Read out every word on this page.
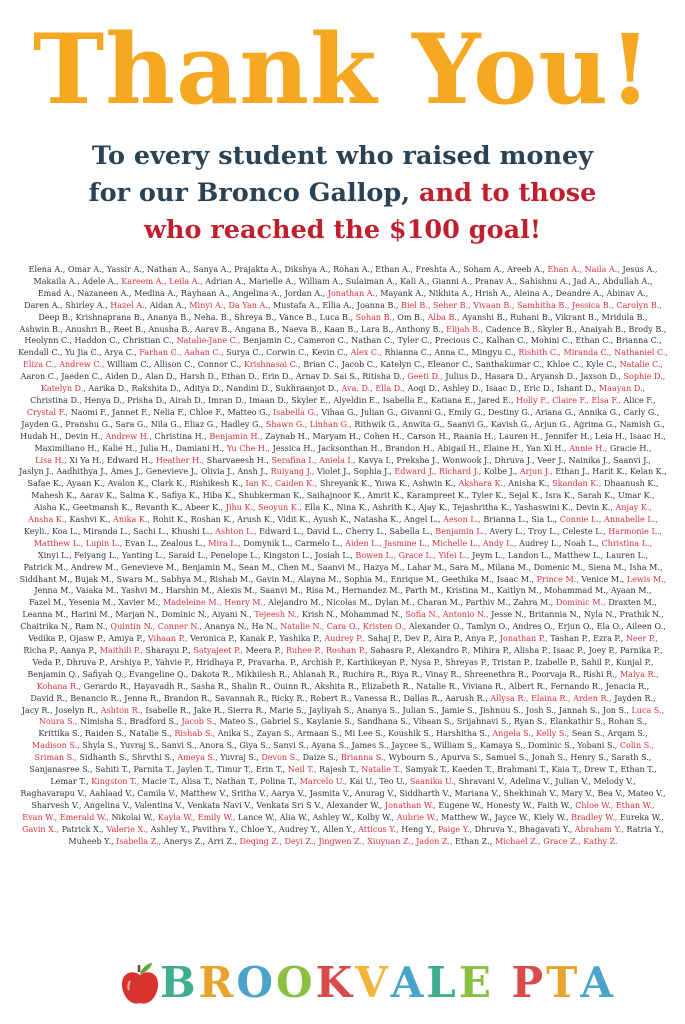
Thank You!
To every student who raised money
for our Bronco Gallop, and to those
who reached the $100 goal!
Elena A., Omar A., Yassir A., Nathan A., Sanya A., Prajakta A., Dikshya A., Rohan A., Ethan A., Freshta A., Soham A., Areeb A., Ehan A., Naila A., Jesus A., Makaila A., Adele A., Kareem A., Leila A., Adrian A., Marielle A., William A., Sulaiman A., Kali A., Gianni A., Pranav A., Sahishnu A., Jad A., Abdullah A., Emad A., Nazaneen A., Medina A., Rayhaan A., Angelina A., Jordan A., Jonathan A., Mayank A., Nikhita A., Hrish A., Aleina A., Deandre A., Abinav A., Daren A., Shirley A., Hazel A., Aidan A., Minyi A., Da Yan A., Mustafa A., Ellia A., Joanna B., Biel B., Seher B., Vivaan B., Samhitha B., Jessica B., Carolyn B., Deep B., Krishnaprana B., Ananya B., Neha. B., Shreya B., Vance B., Luca B., Sohan B., Om B., Alba B., Ayanshi B., Ruhani B., Vikrant B., Mridula B., Ashwin B., Anushri B., Reet B., Anusha B., Aarav B., Angana B., Naeva B., Kaan B., Lara B., Anthony B., Elijah B., Cadence B., Skyler B., Anaiyah B., Brody B., Heolynn C., Haddon C., Christian C., Natalie-Jane C., Benjamin C., Cameron C., Nathan C., Tyler C., Precious C., Kalhan C., Mohini C., Ethan C., Brianna C., Kendall C., Yu Jia C., Arya C., Farhan C., Aahan C., Surya C., Corwin C., Kevin C., Alex C., Rhianna C., Anna C., Mingyu C., Rishith C., Miranda C., Nathaniel C., Eliza C., Andrew C., William C., Allison C., Connor C., Krishnasai C., Brian C., Jacob C., Katelyn C., Eleanor C., Santhakumar C., Khloe C., Kyle C., Natalie C., Aaron C., Jaeden C., Aiden D., Alan D., Harsh D., Ethan D., Erin D., Arnav D. Sai S., Ritisha D., Geeti D., Julius D., Hasara D., Aryansh D., Jaxson D., Sophie D., Katelyn D., Aarika D., Rakshita D., Aditya D., Nandini D., Sukhraanjot D., Ava. D., Ella D., Aoqi D., Ashley D., Isaac D., Eric D., Ishant D., Maayan D., Christina D., Henya D., Prisha D., Airah D., Imran D., Imaan D., Skyler E., Alyeldin E., Isabella E., Katiana E., Jared E., Holly F., Claire F., Elsa F., Alice F., Crystal F., Naomi F., Jannet F., Nelia F., Chloe F., Matteo G., Isabella G., Vihaa G., Julian G., Givanni G., Emily G., Destiny G., Ariana G., Annika G., Carly G., Jayden G., Pranshu G., Sara G., Nila G., Eliaz G., Hadley G., Shawn G., Linhan G., Rithwik G., Anwita G., Saanvi G., Kavish G., Arjun G., Agrima G., Namish G., Hudah H., Devin H., Andrew H., Christina H., Benjamin H., Zaynab H., Maryam H., Cohen H., Carson H., Raania H., Lauren H., Jennifer H., Leia H., Isaac H., Maximiliano H., Kalie H., Julia H., Damiani H., Yu Che H., Jessica H., Jacksonthan H., Brandon H., Abigail H., Elaine H., Yan Xi H., Annie H., Gracie H., Lisa H., Xi Ya H., Edward H., Heather H., Sharvaeesh H., Serafina I., Aniela I., Kavya I., Preksha J., Wonwook J., Dhruva J., Veer J., Nainika J., Saanvi J., Jaslyn J., Aadhithya J., Ames J., Genevieve J., Olivia J., Ansh J., Ruiyang J., Violet J., Sophia J., Edward J., Richard J., Kolbe J., Arjun J., Ethan J., Harit K., Kelan K., Safae K., Ayaan K., Avalon K., Clark K., Rishikesh K., Ian K., Caiden K., Shreyank K., Yuwa K., Ashwin K., Akshara K., Anisha K., Skandan K., Dhaanush K., Mahesh K., Aarav K., Salma K., Safiya K., Hiba K., Shubkerman K., Saihajnoor K., Amrit K., Karampreet K., Tyler K., Sejal K., Isra K., Sarah K., Umar K., Aisha K., Geetmansh K., Revanth K., Abeer K., Jihu K., Seoyun K., Ella K., Nina K., Ashrith K., Ajay K., Tejashritha K., Yashaswini K., Devin K., Anjay K., Ansha K., Kashvi K., Anika K., Rohit K., Roshan K., Arush K., Vidit K., Ayush K., Natasha K., Angel L., Aeson L., Brianna L., Sia L., Connie L., Annabelle L., Keyli., Koa L., Miranda L., Sachi L., Khushi L., Ashton L., Edward L., David L., Cherry L., Sabella L., Benjamin L., Avery L., Troy L., Celeste L., Harmonie L., Matthew L., Lupin L., Evan L., Zealous L., Mira L., Domynik L., Carmelo L., Aiden L., Jasmine L., Michelle L., Andy L., Audrey L., Noah L., Christina L., Xinyi L., Feiyang L., Yanting L., Saraid L., Penelope L., Kingston L., Josiah L., Bowen L., Grace L., Yifei L., Jeym L., Landon L., Matthew L., Lauren L., Patrick M., Andrew M., Genevieve M., Benjamin M., Sean M., Chen M., Saanvi M., Hazya M., Lahar M., Sara M., Milana M., Domenic M., Siena M., Isha M., Siddhant M., Bujak M., Swara M., Sabhya M., Rishab M., Gavin M., Alayna M., Sophia M., Enrique M., Geethika M., Isaac M., Prince M., Venice M., Lewis M., Jenna M., Vaiaka M., Yashvi M., Harshin M., Alexis M., Saanvi M., Risa M., Hernandez M., Parth M., Kristina M., Kaitlyn M., Mohammad M., Ayaan M., Fazel M., Yesenia M., Xavier M., Madeleine M., Henry M., Alejandro M., Nicolas M., Dylan M., Charan M., Parthiv M., Zahra M., Dominic M., Draxten M., Leanna M., Harini M., Marjan N., Dominic N., Aiyani N., Tejeesh N., Krish N., Mohammad N., Sofia N., Antonio N., Jesse N., Britannia N., Nyla N., Prathik N., Chaitrika N., Ram N., Quintin N., Conner N., Ananya N., Ha N., Natalie N., Cara O., Kristen O., Alexander O., Tamlyn O., Andres O., Erjun O., Ela O., Aileen O., Vedika P., Ojasw P., Amiya P., Vihaan P., Veronica P., Kanak P., Yashika P., Audrey P., Sahaj P., Dev P., Aira P., Anya P., Jonathan P., Tashan P., Ezra P., Neer P., Richa P., Aanya P., Maithili P., Sharayu P., Satyajeet P., Meera P., Ruhee P., Roshan P., Sahasra P., Alexandro P., Mihira P., Alisha P., Isaac P., Joey P., Parnika P., Veda P., Dhruva P., Arshiya P., Yahvie P., Hridhaya P., Pravarha. P., Archish P., Karthikeyan P., Nysa P., Shreyas P., Tristan P., Izabelle P., Sahil P., Kunjal P., Benjamin Q., Safiyah Q., Evangeline Q., Dakota R., Mikhilesh R., Ahlanah R., Ruchira R., Riya R., Vinay R., Shreenethra R., Poorvaja R., Rishi R., Malya R., Kohana R., Gerardo R., Hayavadh R., Sasha R., Shalin R., Ouinn R., Akshita R., Elizabeth R., Natalie R., Viviana R., Albert R., Fernando R., Jenacia R., David R., Benancio R., Jenna R., Brandon R., Savannah R., Ricky R., Robert R., Vanessa R., Dallas R., Aarush R., Allysa R., Elaina R., Arden R., Jayden R., Jacy R., Joselyn R., Ashton R., Isabelle R., Jake R., Sierra R., Marie S., Jayliyah S., Ananya S., Julian S., Jamie S., Jishnuu S., Josh S., Jannah S., Jon S., Luca S., Noura S., Nimisha S., Bradford S., Jacob S., Mateo S., Gabriel S., Kaylanie S., Sandhana S., Vihaan S., Srijahnavi S., Ryan S., Elankathir S., Rohan S., Krittika S., Raiden S., Natalie S., Rishab S., Anika S., Zayan S., Armaan S., Mi Lee S., Koushik S., Harshitha S., Angela S., Kelly S., Sean S., Arqam S., Madison S., Shyla S., Yuvraj S., Sanvi S., Anora S., Giya S., Sanvi S., Ayana S., James S., Jaycee S., William S., Kamaya S., Dominic S., Yobani S., Colin S., Sriman S., Sidhanth S., Shrvthi S., Ameya S., Yuvraj S., Devon S., Daize S., Brianna S., Wybourn S., Apurva S., Samuel S., Jonah S., Henry S., Sarath S., Sanjanasree S., Sahiti T., Parnita T., Jaylen T., Timur T., Erin T., Neil T., Rajesh T., Natalie T., Samyak T., Kaeden T., Brahmani T., Kaia T., Drew T., Ethan T., Lemar T., Kingston T., Macie T., Alisa T., Nathan T., Polina T., Marcelo U., Kai U., Teo U., Saanika U., Shravani V., Adelina V., Julian V., Melody V., Raghavarapu V., Aahlaad V., Camila V., Matthew V., Sritha V., Aarya V., Jasmita V., Anurag V., Siddharth V., Mariana V., Shekhinah V., Mary V., Bea V., Mateo V., Sharvesh V., Angelina V., Valentina V., Venkata Navi V., Venkata Sri S V., Alexander W., Jonathan W., Eugene W., Honesty W., Faith W., Chloe W., Ethan W., Evan W., Emerald W., Nikolai W., Kayla W., Emily W., Lance W., Alia W., Ashley W., Kolby W., Aubrie W., Matthew W., Jayce W., Kiely W., Bradley W., Eureka W., Gavin X., Patrick X., Valerie X., Ashley Y., Pavithra Y., Chloe Y., Audrey Y., Allen Y., Atticus Y., Heng Y., Paige Y., Dhruva Y., Bhagavati Y., Abraham Y., Ratria Y., Muheeb Y., Isabella Z., Anerys Z., Arri Z., Deqing Z., Deyi Z., Jingwen Z., Xiuyuan Z., Jadon Z., Ethan Z., Michael Z., Grace Z., Kathy Z.
BROOKVALE PTA
